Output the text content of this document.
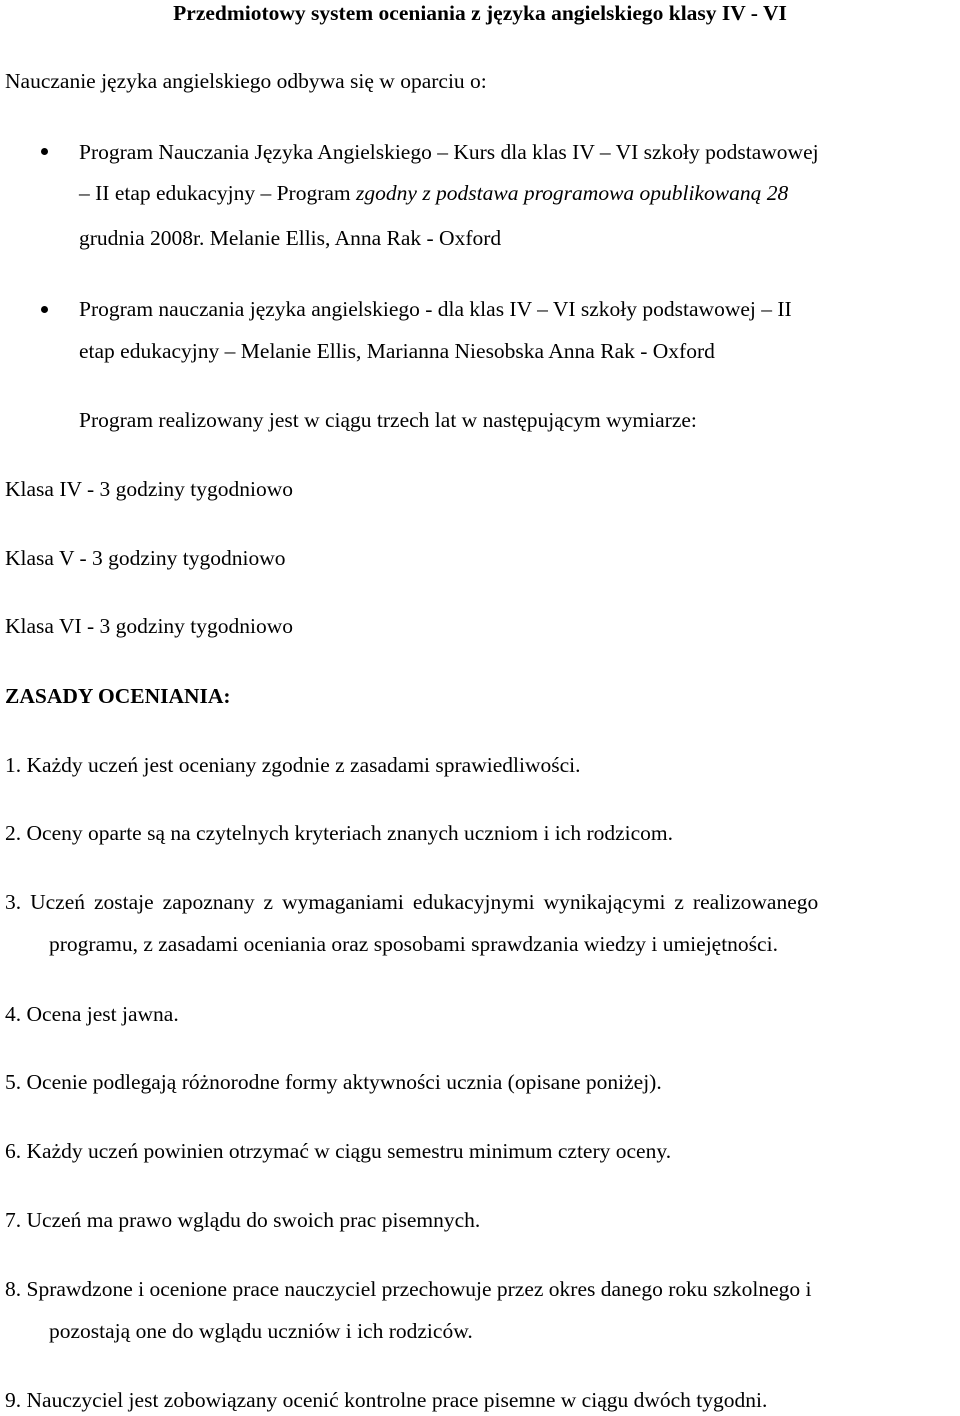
Przedmiotowy system oceniania z języka angielskiego klasy IV - VI
Nauczanie języka angielskiego odbywa się w oparciu o:
Program Nauczania Języka Angielskiego – Kurs dla klas IV – VI szkoły podstawowej
– II etap edukacyjny – Program zgodny z podstawa programowa opublikowaną 28
grudnia 2008r. Melanie Ellis, Anna Rak - Oxford
Program nauczania języka angielskiego - dla klas IV – VI szkoły podstawowej – II
etap edukacyjny – Melanie Ellis, Marianna Niesobska Anna Rak - Oxford
Program realizowany jest w ciągu trzech lat w następującym wymiarze:
Klasa IV - 3 godziny tygodniowo
Klasa V - 3 godziny tygodniowo
Klasa VI - 3 godziny tygodniowo
ZASADY OCENIANIA:
1. Każdy uczeń jest oceniany zgodnie z zasadami sprawiedliwości.
2. Oceny oparte są na czytelnych kryteriach znanych uczniom i ich rodzicom.
3. Uczeń zostaje zapoznany z wymaganiami edukacyjnymi wynikającymi z realizowanego
programu, z zasadami oceniania oraz sposobami sprawdzania wiedzy i umiejętności.
4. Ocena jest jawna.
5. Ocenie podlegają różnorodne formy aktywności ucznia (opisane poniżej).
6. Każdy uczeń powinien otrzymać w ciągu semestru minimum cztery oceny.
7. Uczeń ma prawo wglądu do swoich prac pisemnych.
8. Sprawdzone i ocenione prace nauczyciel przechowuje przez okres danego roku szkolnego i
pozostają one do wglądu uczniów i ich rodziców.
9. Nauczyciel jest zobowiązany ocenić kontrolne prace pisemne w ciągu dwóch tygodni.
